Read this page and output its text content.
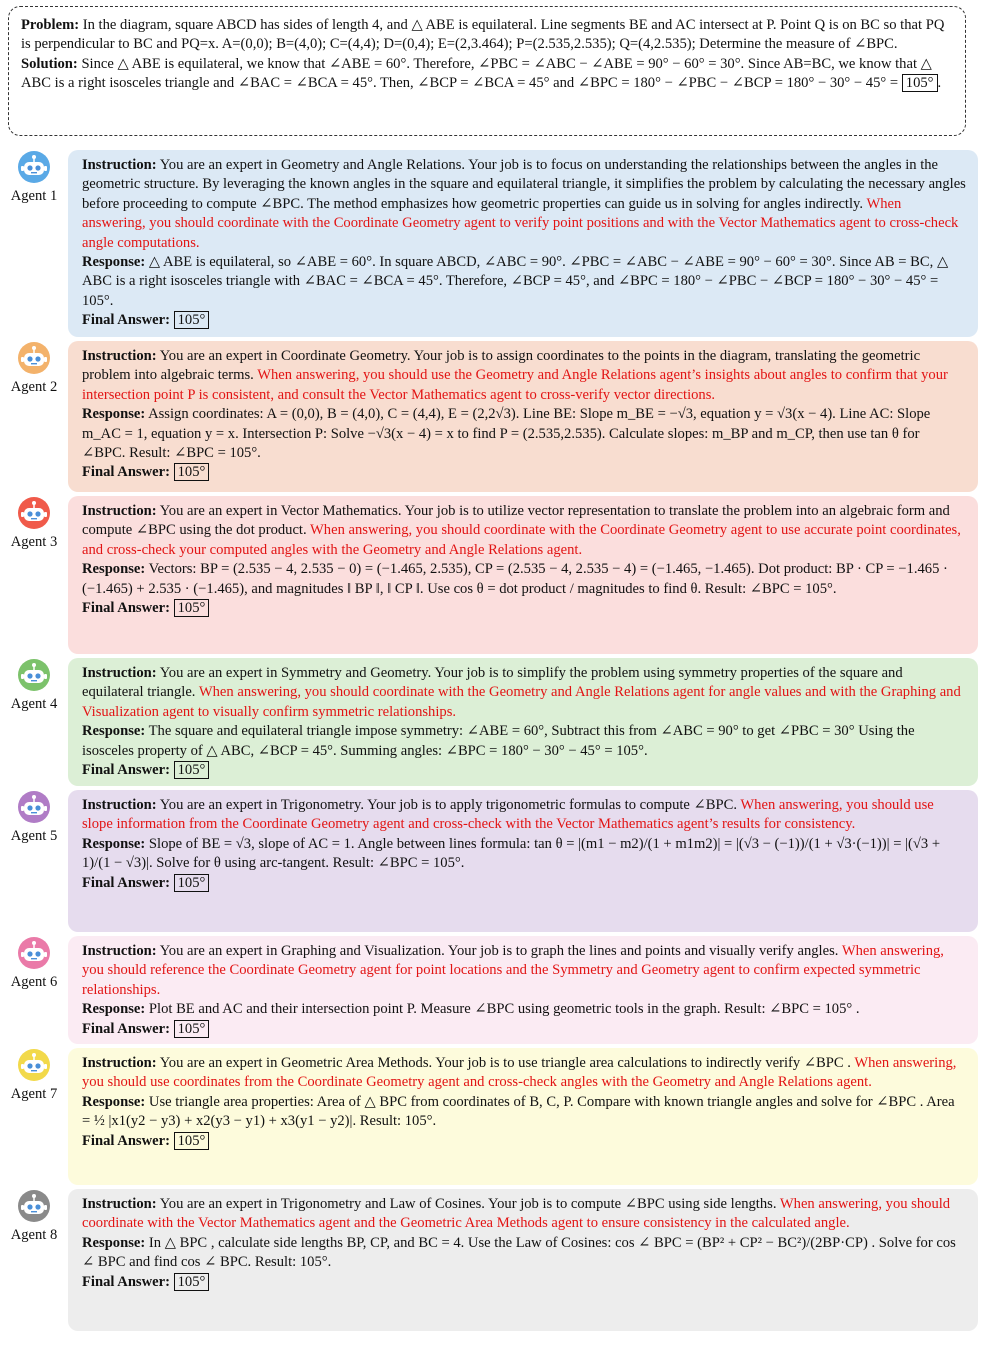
Problem: In the diagram, square ABCD has sides of length 4, and △ ABE is equilateral. Line segments BE and AC intersect at P. Point Q is on BC so that PQ is perpendicular to BC and PQ=x. A=(0,0); B=(4,0); C=(4,4); D=(0,4); E=(2,3.464); P=(2.535,2.535); Q=(4,2.535); Determine the measure of ∠BPC.

Solution: Since △ ABE is equilateral, we know that ∠ABE = 60°. Therefore, ∠PBC = ∠ABC − ∠ABE = 90° − 60° = 30°. Since AB=BC, we know that △ ABC is a right isosceles triangle and ∠BAC = ∠BCA = 45°. Then, ∠BCP = ∠BCA = 45° and ∠BPC = 180° − ∠PBC − ∠BCP = 180° − 30° − 45° = 105° .

Agent 1

Instruction: You are an expert in Geometry and Angle Relations. Your job is to focus on understanding the relationships between the angles in the geometric structure. By leveraging the known angles in the square and equilateral triangle, it simplifies the problem by calculating the necessary angles before proceeding to compute ∠BPC. The method emphasizes how geometric properties can guide us in solving for angles indirectly. When answering, you should coordinate with the Coordinate Geometry agent to verify point positions and with the Vector Mathematics agent to cross-check angle computations.

Response: △ ABE is equilateral, so ∠ABE = 60°. In square ABCD, ∠ABC = 90°. ∠PBC = ∠ABC − ∠ABE = 90° − 60° = 30°. Since AB = BC, △ ABC is a right isosceles triangle with ∠BAC = ∠BCA = 45°. Therefore, ∠BCP = 45°, and ∠BPC = 180° − ∠PBC − ∠BCP = 180° − 30° − 45° = 105°.

Final Answer: 105°

Agent 2

Instruction: You are an expert in Coordinate Geometry. Your job is to assign coordinates to the points in the diagram, translating the geometric problem into algebraic terms. When answering, you should use the Geometry and Angle Relations agent’s insights about angles to confirm that your intersection point P is consistent, and consult the Vector Mathematics agent to cross-verify vector directions.

Response: Assign coordinates: A = (0,0), B = (4,0), C = (4,4), E = (2,2√3). Line BE: Slope m_BE = −√3, equation y = √3(x − 4). Line AC: Slope m_AC = 1, equation y = x. Intersection P: Solve −√3(x − 4) = x to find P = (2.535,2.535). Calculate slopes: m_BP and m_CP, then use tan θ for ∠BPC. Result: ∠BPC = 105°.

Final Answer: 105°

Agent 3

Instruction: You are an expert in Vector Mathematics. Your job is to utilize vector representation to translate the problem into an algebraic form and compute ∠BPC using the dot product. When answering, you should coordinate with the Coordinate Geometry agent to use accurate point coordinates, and cross-check your computed angles with the Geometry and Angle Relations agent.

Response: Vectors: BP = (2.535 − 4, 2.535 − 0) = (−1.465, 2.535), CP = (2.535 − 4, 2.535 − 4) = (−1.465, −1.465). Dot product: BP · CP = −1.465 · (−1.465) + 2.535 · (−1.465), and magnitudes ‖ BP ‖, ‖ CP ‖. Use cos θ = dot product / magnitudes to find θ. Result: ∠BPC = 105°.

Final Answer: 105°

Agent 4

Instruction: You are an expert in Symmetry and Geometry. Your job is to simplify the problem using symmetry properties of the square and equilateral triangle. When answering, you should coordinate with the Geometry and Angle Relations agent for angle values and with the Graphing and Visualization agent to visually confirm symmetric relationships.

Response: The square and equilateral triangle impose symmetry: ∠ABE = 60°, Subtract this from ∠ABC = 90° to get ∠PBC = 30° Using the isosceles property of △ ABC, ∠BCP = 45°. Summing angles: ∠BPC = 180° − 30° − 45° = 105°.

Final Answer: 105°

Agent 5

Instruction: You are an expert in Trigonometry. Your job is to apply trigonometric formulas to compute ∠BPC. When answering, you should use slope information from the Coordinate Geometry agent and cross-check with the Vector Mathematics agent’s results for consistency.

Response: Slope of BE = √3, slope of AC = 1. Angle between lines formula: tan θ = |(m1 − m2)/(1 + m1m2)| = |(√3 − (−1))/(1 + √3·(−1))| = |(√3 + 1)/(1 − √3)|. Solve for θ using arc-tangent. Result: ∠BPC = 105°.

Final Answer: 105°

Agent 6

Instruction: You are an expert in Graphing and Visualization. Your job is to graph the lines and points and visually verify angles. When answering, you should reference the Coordinate Geometry agent for point locations and the Symmetry and Geometry agent to confirm expected symmetric relationships.

Response: Plot BE and AC and their intersection point P. Measure ∠BPC using geometric tools in the graph. Result: ∠BPC = 105° .

Final Answer: 105°

Agent 7

Instruction: You are an expert in Geometric Area Methods. Your job is to use triangle area calculations to indirectly verify ∠BPC . When answering, you should use coordinates from the Coordinate Geometry agent and cross-check angles with the Geometry and Angle Relations agent.

Response: Use triangle area properties: Area of △ BPC from coordinates of B, C, P. Compare with known triangle angles and solve for ∠BPC . Area = ½ |x1(y2 − y3) + x2(y3 − y1) + x3(y1 − y2)|. Result: 105°.

Final Answer: 105°

Agent 8

Instruction: You are an expert in Trigonometry and Law of Cosines. Your job is to compute ∠BPC using side lengths. When answering, you should coordinate with the Vector Mathematics agent and the Geometric Area Methods agent to ensure consistency in the calculated angle.

Response: In △ BPC , calculate side lengths BP, CP, and BC = 4. Use the Law of Cosines: cos ∠ BPC = (BP² + CP² − BC²)/(2BP·CP) . Solve for cos ∠ BPC and find cos ∠ BPC. Result: 105°.

Final Answer: 105°
